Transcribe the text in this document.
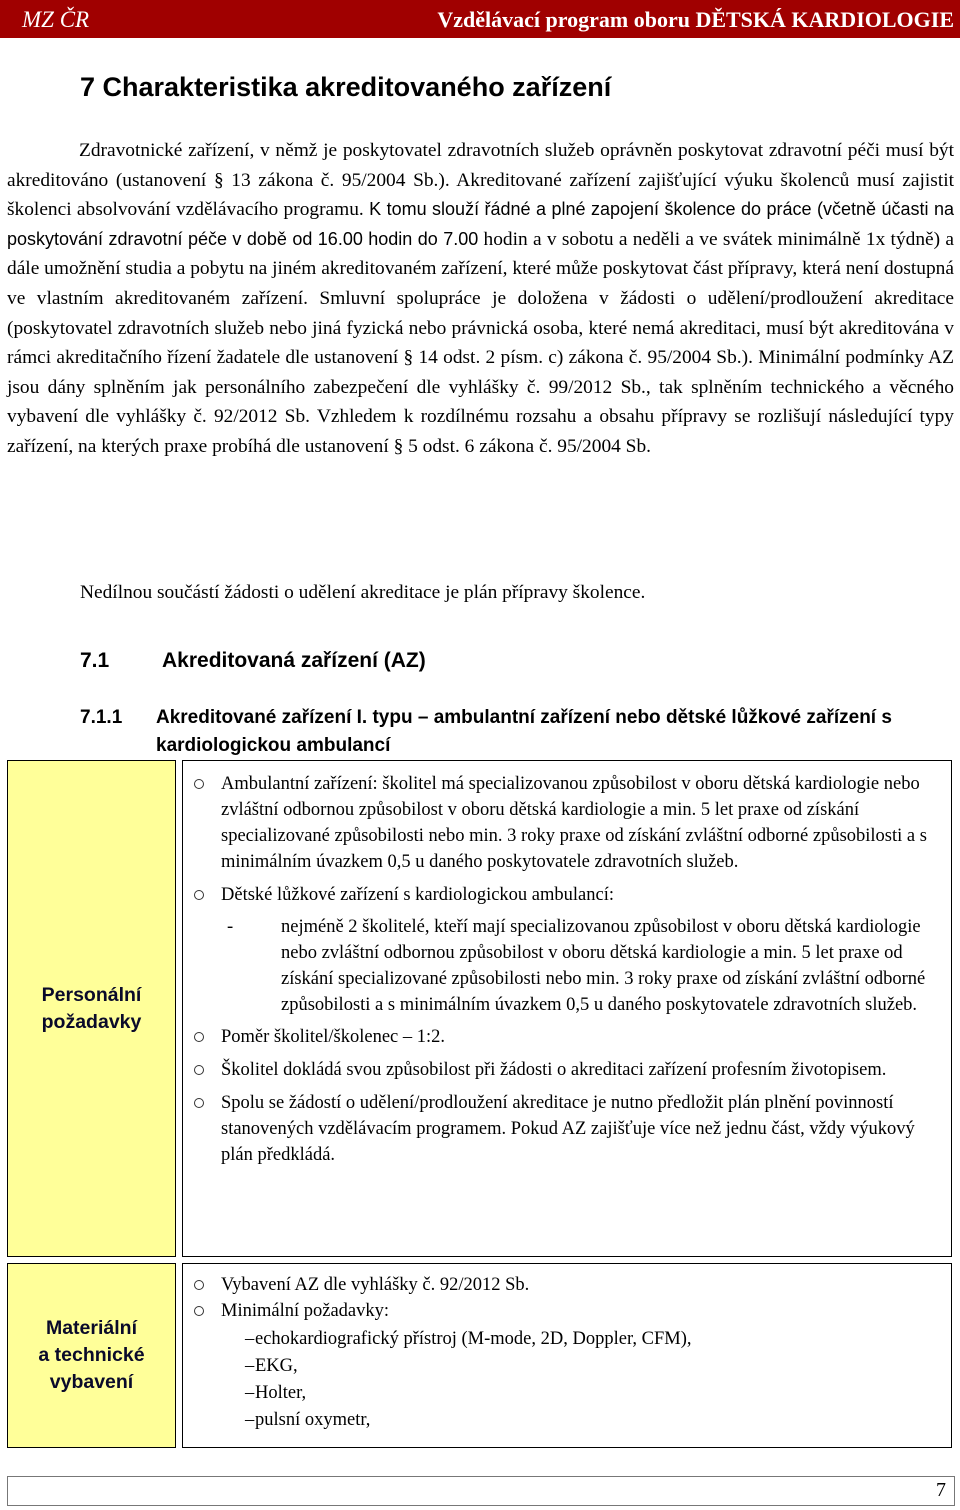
MZ ČR	Vzdělávací program oboru DĚTSKÁ KARDIOLOGIE
7 Charakteristika akreditovaného zařízení

Zdravotnické zařízení, v němž je poskytovatel zdravotních služeb oprávněn poskytovat zdravotní péči musí být akreditováno (ustanovení § 13 zákona č. 95/2004 Sb.). Akreditované zařízení zajišťující výuku školenců musí zajistit školenci absolvování vzdělávacího programu. K tomu slouží řádné a plné zapojení školence do práce (včetně účasti na poskytování zdravotní péče v době od 16.00 hodin do 7.00 hodin a v sobotu a neděli a ve svátek minimálně 1x týdně) a dále umožnění studia a pobytu na jiném akreditovaném zařízení, které může poskytovat část přípravy, která není dostupná ve vlastním akreditovaném zařízení. Smluvní spolupráce je doložena v žádosti o udělení/prodloužení akreditace (poskytovatel zdravotních služeb nebo jiná fyzická nebo právnická osoba, které nemá akreditaci, musí být akreditována v rámci akreditačního řízení žadatele dle ustanovení § 14 odst. 2 písm. c) zákona č. 95/2004 Sb.). Minimální podmínky AZ jsou dány splněním jak personálního zabezpečení dle vyhlášky č. 99/2012 Sb., tak splněním technického a věcného vybavení dle vyhlášky č. 92/2012 Sb. Vzhledem k rozdílnému rozsahu a obsahu přípravy se rozlišují následující typy zařízení, na kterých praxe probíhá dle ustanovení § 5 odst. 6 zákona č. 95/2004 Sb.

Nedílnou součástí žádosti o udělení akreditace je plán přípravy školence.

7.1	Akreditovaná zařízení (AZ)
7.1.1 Akreditované zařízení I. typu – ambulantní zařízení nebo dětské lůžkové zařízení s kardiologickou ambulancí
Personální
požadavky
Ambulantní zařízení: školitel má specializovanou způsobilost v oboru dětská kardiologie nebo zvláštní odbornou způsobilost v oboru dětská kardiologie a min. 5 let praxe od získání specializované způsobilosti nebo min. 3 roky praxe od získání zvláštní odborné způsobilosti a s minimálním úvazkem 0,5 u daného poskytovatele zdravotních služeb.
Dětské lůžkové zařízení s kardiologickou ambulancí:
-	nejméně 2 školitelé, kteří mají specializovanou způsobilost v oboru dětská kardiologie nebo zvláštní odbornou způsobilost v oboru dětská kardiologie a min. 5 let praxe od získání specializované způsobilosti nebo min. 3 roky praxe od získání zvláštní odborné způsobilosti a s minimálním úvazkem 0,5 u daného poskytovatele zdravotních služeb.
Poměr školitel/školenec – 1:2.
Školitel dokládá svou způsobilost při žádosti o akreditaci zařízení profesním životopisem.
Spolu se žádostí o udělení/prodloužení akreditace je nutno předložit plán plnění povinností stanovených vzdělávacím programem. Pokud AZ zajišťuje více než jednu část, vždy výukový plán předkládá.
Materiální
a technické
vybavení
Vybavení AZ dle vyhlášky č. 92/2012 Sb.
Minimální požadavky:
– echokardiografický přístroj (M-mode, 2D, Doppler, CFM),
– EKG,
– Holter,
– pulsní oxymetr,
7
